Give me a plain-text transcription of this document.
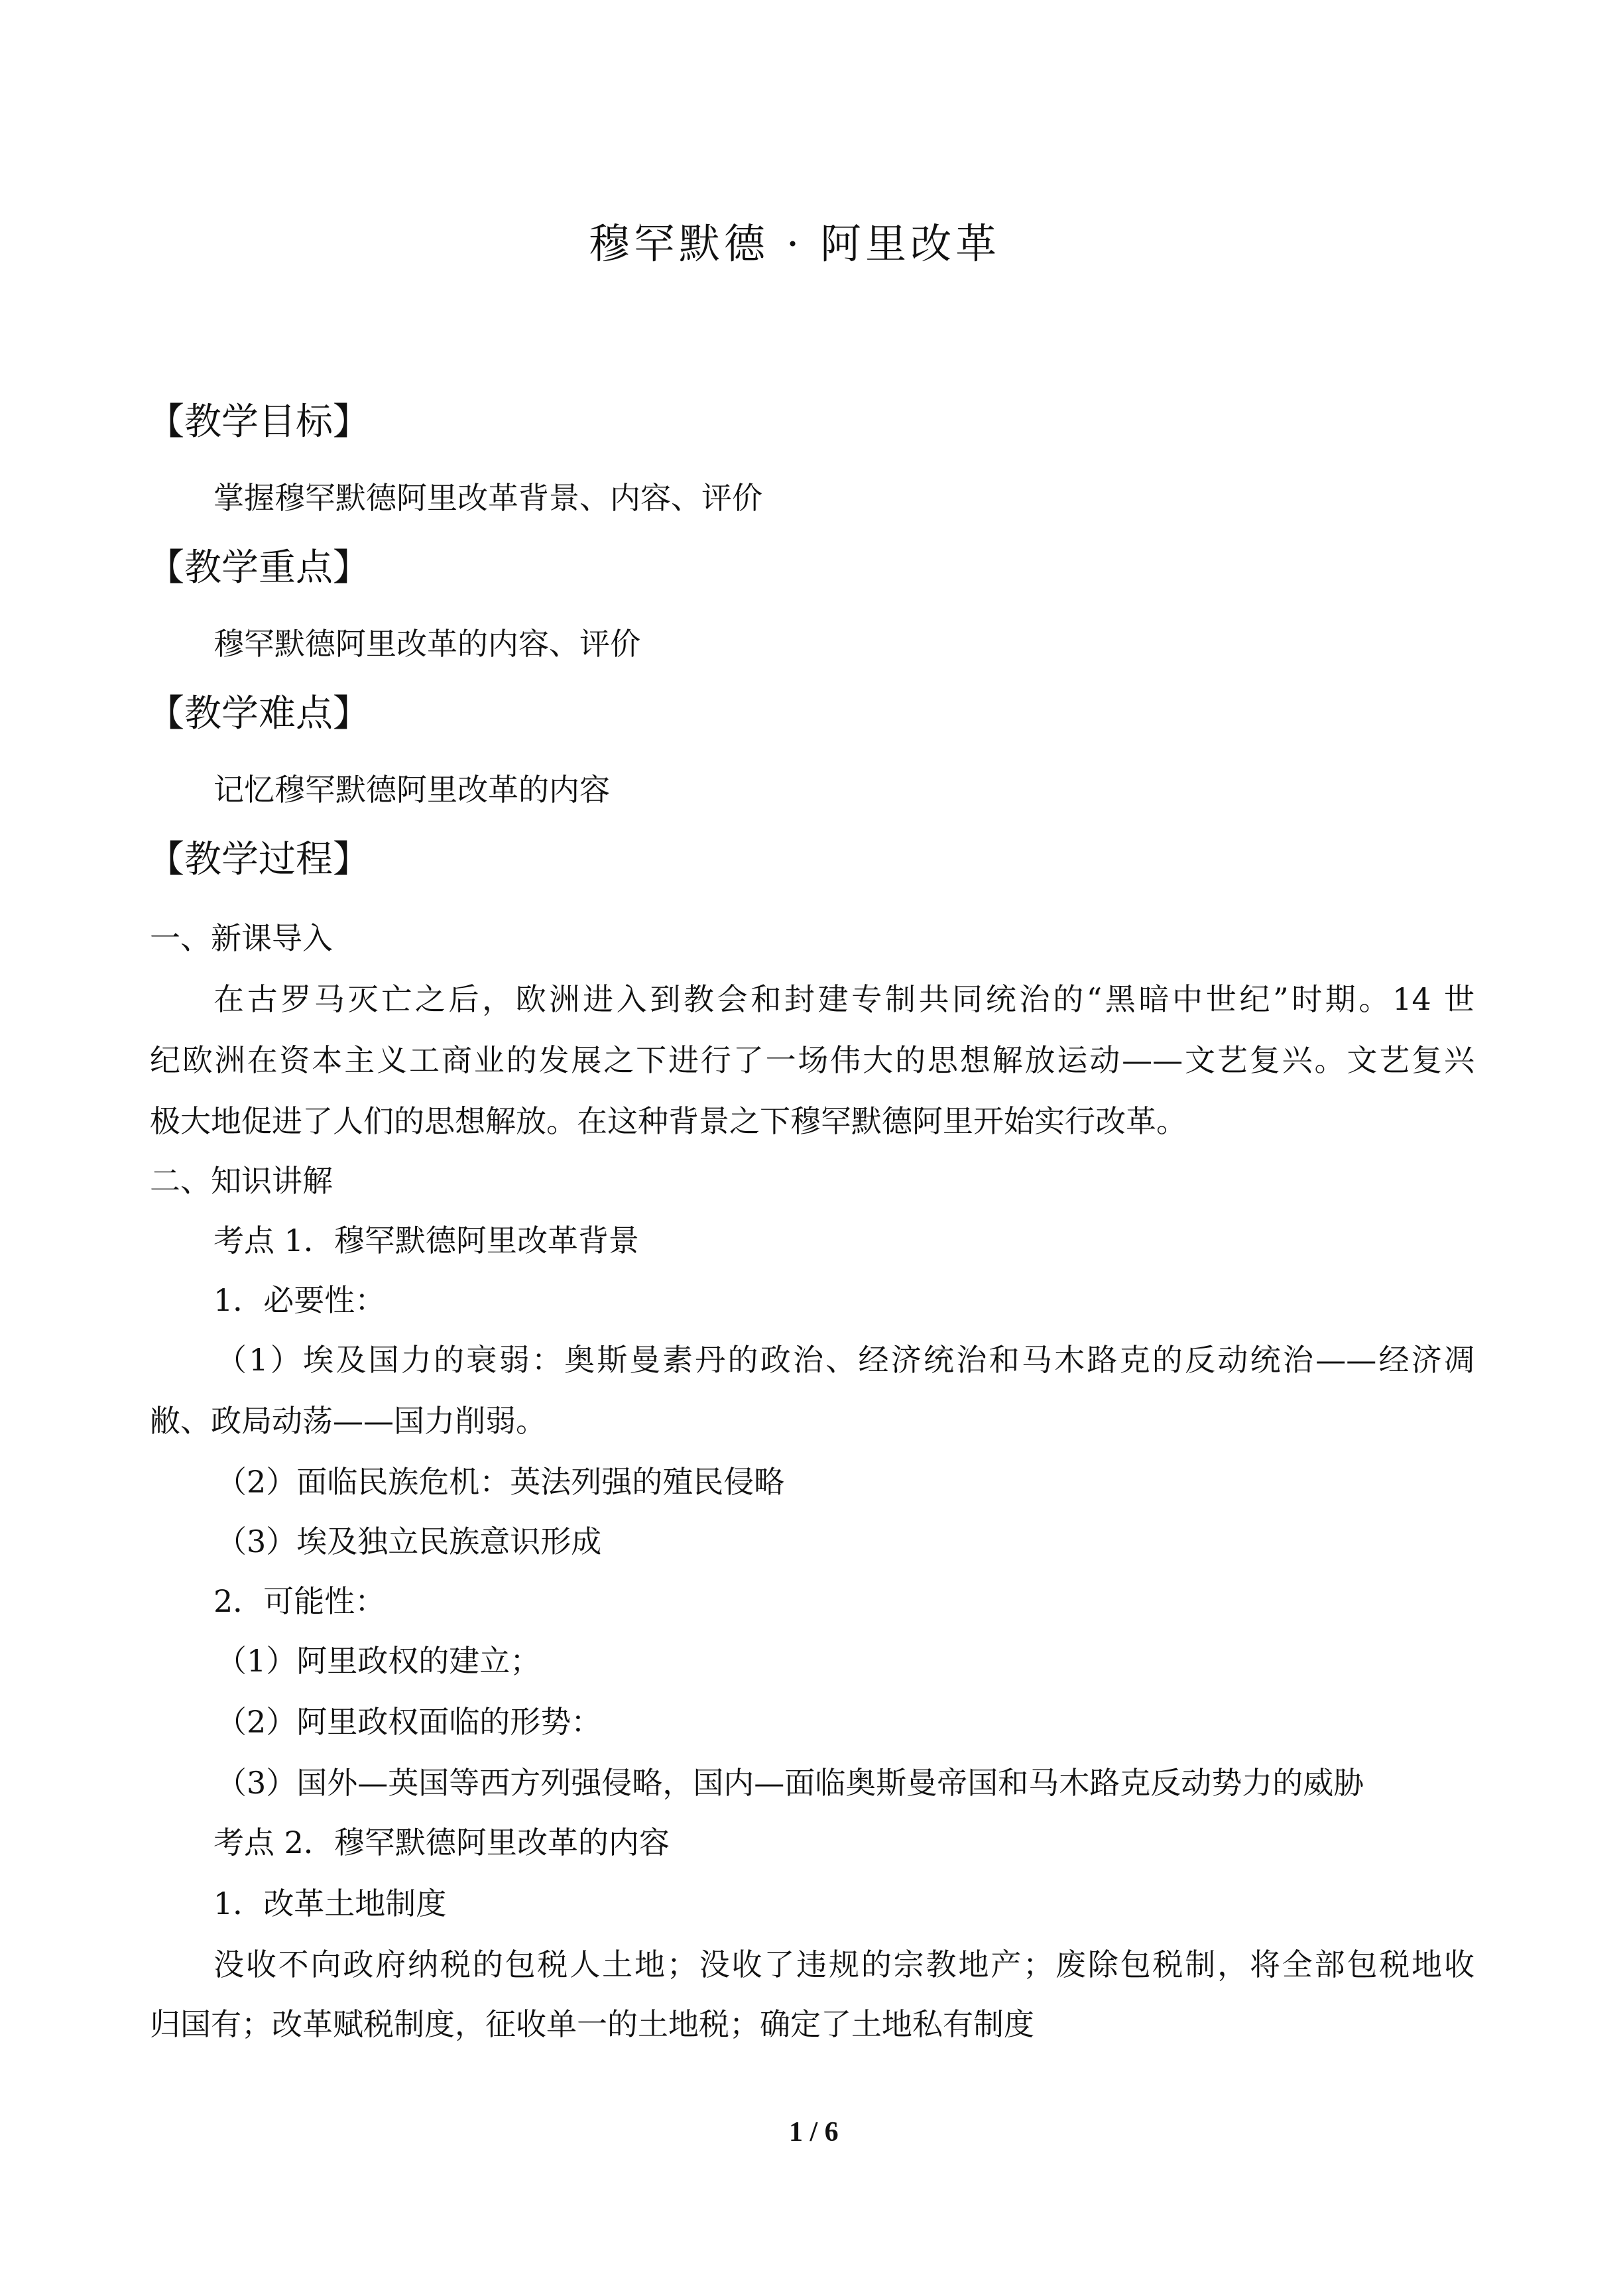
穆罕默德 · 阿里改革
【教学目标】
掌握穆罕默德阿里改革背景、内容、评价
【教学重点】
穆罕默德阿里改革的内容、评价
【教学难点】
记忆穆罕默德阿里改革的内容
【教学过程】
一、新课导入
在古罗马灭亡之后，欧洲进入到教会和封建专制共同统治的“黑暗中世纪”时期。14 世
纪欧洲在资本主义工商业的发展之下进行了一场伟大的思想解放运动——文艺复兴。文艺复兴
极大地促进了人们的思想解放。在这种背景之下穆罕默德阿里开始实行改革。
二、知识讲解
考点 1．穆罕默德阿里改革背景
1．必要性：
（1）埃及国力的衰弱：奥斯曼素丹的政治、经济统治和马木路克的反动统治——经济凋
敝、政局动荡——国力削弱。
（2）面临民族危机：英法列强的殖民侵略
（3）埃及独立民族意识形成
2．可能性：
（1）阿里政权的建立；
（2）阿里政权面临的形势：
（3）国外—英国等西方列强侵略，国内—面临奥斯曼帝国和马木路克反动势力的威胁
考点 2．穆罕默德阿里改革的内容
1．改革土地制度
没收不向政府纳税的包税人土地；没收了违规的宗教地产；废除包税制，将全部包税地收
归国有；改革赋税制度，征收单一的土地税；确定了土地私有制度
1 / 6
